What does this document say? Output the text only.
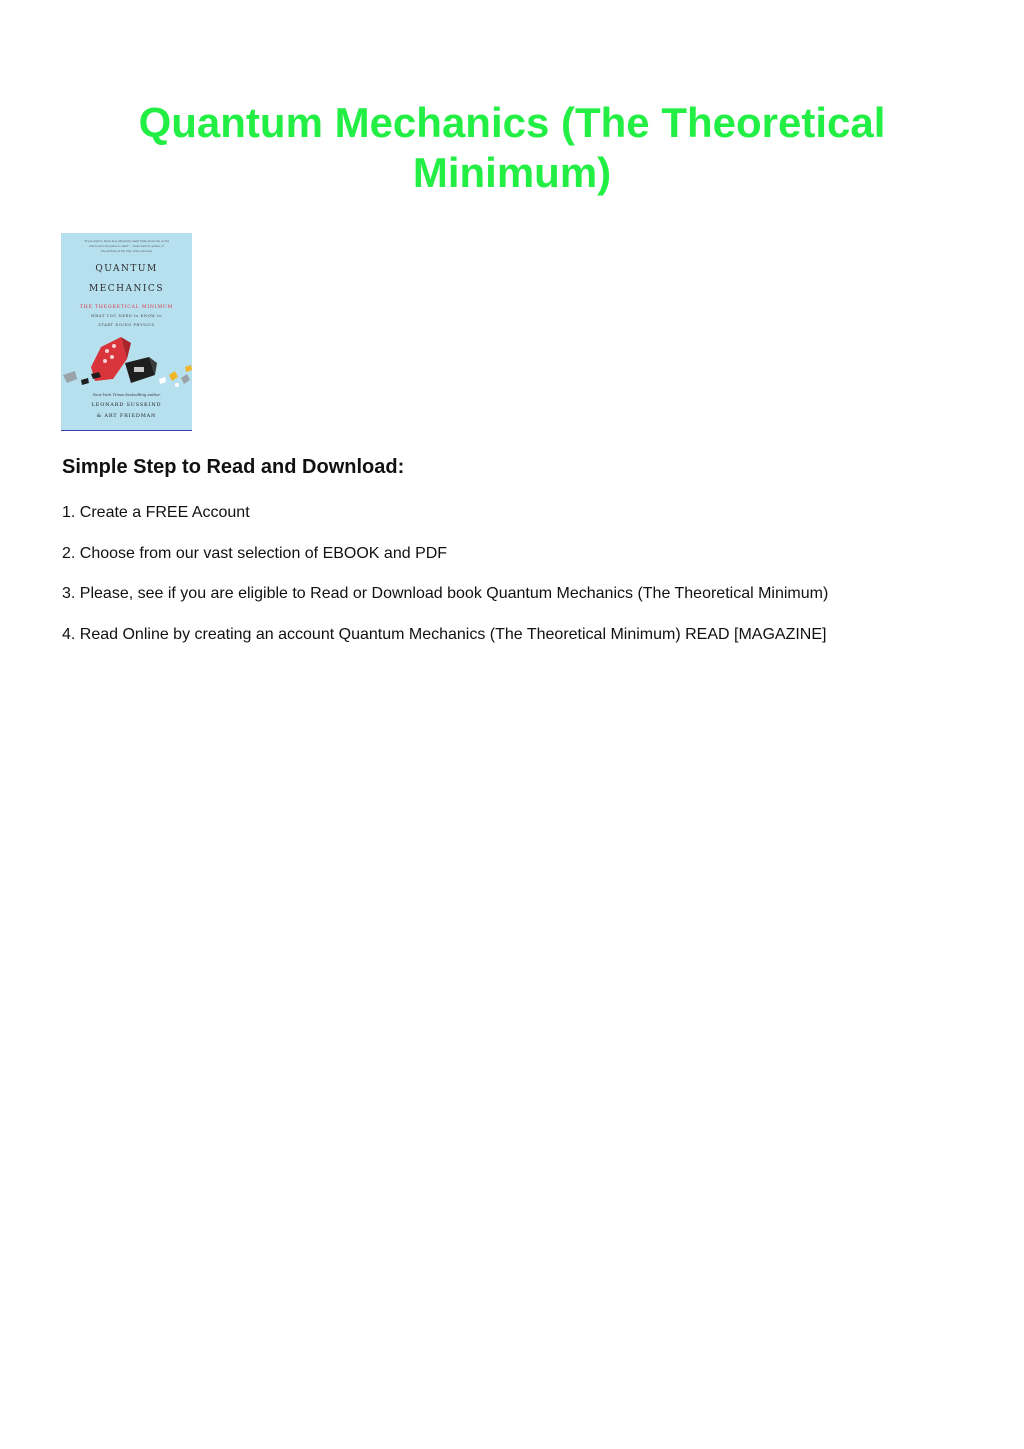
Quantum Mechanics (The Theoretical Minimum)
"If you want to know how physicists really think about the world,
this book is the place to start." —Sean Carroll, author of
The Particle at the End of the Universe
QUANTUM
MECHANICS
THE THEORETICAL MINIMUM
WHAT YOU NEED to KNOW to
START DOING PHYSICS
New York Times bestselling author
LEONARD SUSSKIND
& ART FRIEDMAN
Simple Step to Read and Download:
1. Create a FREE Account
2. Choose from our vast selection of EBOOK and PDF
3. Please, see if you are eligible to Read or Download book Quantum Mechanics (The Theoretical Minimum)
4. Read Online by creating an account Quantum Mechanics (The Theoretical Minimum) READ [MAGAZINE]
